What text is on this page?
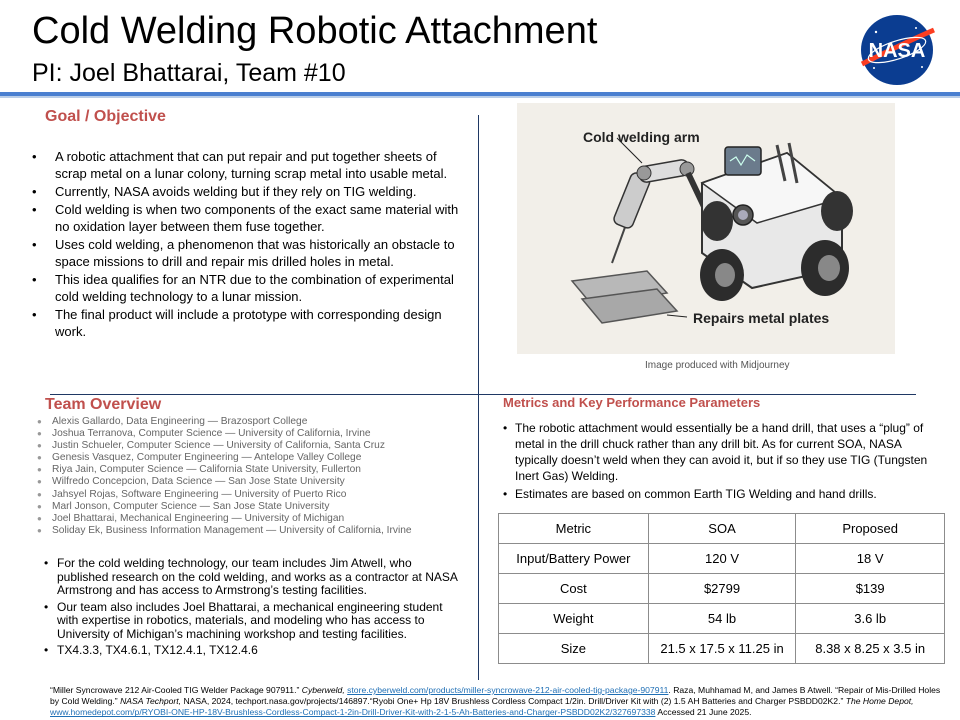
Cold Welding Robotic Attachment
PI: Joel Bhattarai, Team #10
NASA
Goal / Objective
• A robotic attachment that can put repair and put together sheets of scrap metal on a lunar colony, turning scrap metal into usable metal.
• Currently, NASA avoids welding but if they rely on TIG welding.
• Cold welding is when two components of the exact same material with no oxidation layer between them fuse together.
• Uses cold welding, a phenomenon that was historically an obstacle to space missions to drill and repair mis drilled holes in metal.
• This idea qualifies for an NTR due to the combination of experimental cold welding technology to a lunar mission.
• The final product will include a prototype with corresponding design work.
Cold welding arm
Repairs metal plates
Image produced with Midjourney
Team Overview
● Alexis Gallardo, Data Engineering — Brazosport College
● Joshua Terranova, Computer Science — University of California, Irvine
● Justin Schueler, Computer Science — University of California, Santa Cruz
● Genesis Vasquez, Computer Engineering — Antelope Valley College
● Riya Jain, Computer Science — California State University, Fullerton
● Wilfredo Concepcion, Data Science — San Jose State University
● Jahsyel Rojas, Software Engineering — University of Puerto Rico
● Marl Jonson, Computer Science — San Jose State University
● Joel Bhattarai, Mechanical Engineering — University of Michigan
● Soliday Ek, Business Information Management — University of California, Irvine
• For the cold welding technology, our team includes Jim Atwell, who published research on the cold welding, and works as a contractor at NASA Armstrong and has access to Armstrong’s testing facilities.
• Our team also includes Joel Bhattarai, a mechanical engineering student with expertise in robotics, materials, and modeling who has access to University of Michigan’s machining workshop and testing facilities.
• TX4.3.3, TX4.6.1, TX12.4.1, TX12.4.6
Metrics and Key Performance Parameters
• The robotic attachment would essentially be a hand drill, that uses a “plug” of metal in the drill chuck rather than any drill bit. As for current SOA, NASA typically doesn’t weld when they can avoid it, but if so they use TIG (Tungsten Inert Gas) Welding.
• Estimates are based on common Earth TIG Welding and hand drills.
Metric	SOA	Proposed
Input/Battery Power	120 V	18 V
Cost	$2799	$139
Weight	54 lb	3.6 lb
Size	21.5 x 17.5 x 11.25 in	8.38 x 8.25 x 3.5 in
“Miller Syncrowave 212 Air-Cooled TIG Welder Package 907911.” Cyberweld, store.cyberweld.com/products/miller-syncrowave-212-air-cooled-tig-package-907911. Raza, Muhhamad M, and James B Atwell. “Repair of Mis-Drilled Holes by Cold Welding.” NASA Techport, NASA, 2024, techport.nasa.gov/projects/146897.“Ryobi One+ Hp 18V Brushless Cordless Compact 1/2in. Drill/Driver Kit with (2) 1.5 AH Batteries and Charger PSBDD02K2.” The Home Depot, www.homedepot.com/p/RYOBI-ONE-HP-18V-Brushless-Cordless-Compact-1-2in-Drill-Driver-Kit-with-2-1-5-Ah-Batteries-and-Charger-PSBDD02K2/327697338 Accessed 21 June 2025.
